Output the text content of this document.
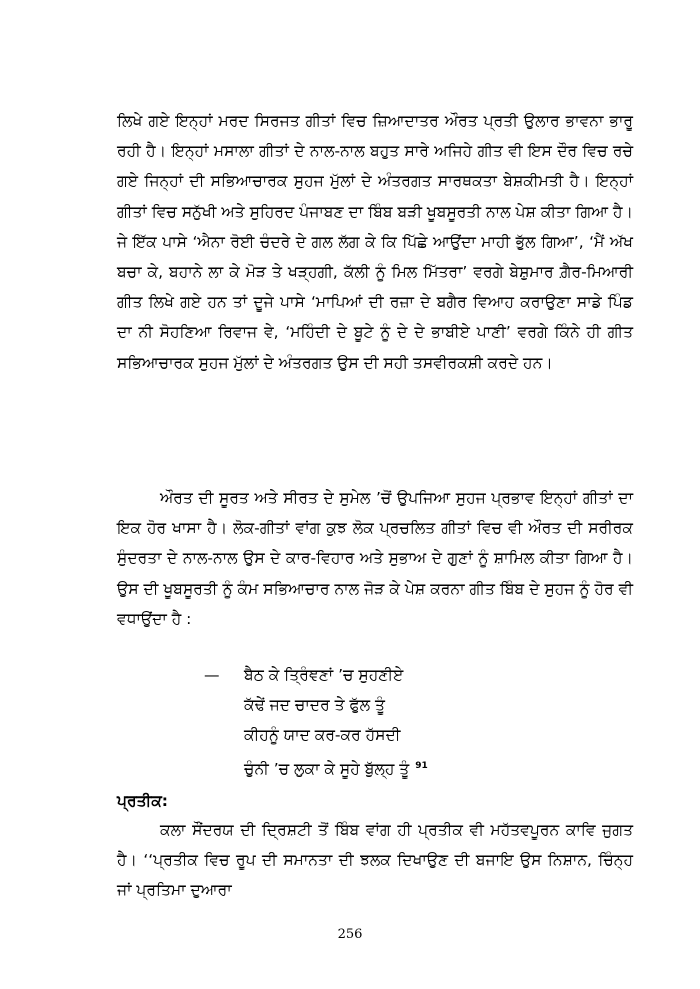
ਲਿਖੇ ਗਏ ਇਨ੍ਹਾਂ ਮਰਦ ਸਿਰਜਤ ਗੀਤਾਂ ਵਿਚ ਜ਼ਿਆਦਾਤਰ ਔਰਤ ਪ੍ਰਤੀ ਉਲਾਰ ਭਾਵਨਾ ਭਾਰੂ ਰਹੀ ਹੈ। ਇਨ੍ਹਾਂ ਮਸਾਲਾ ਗੀਤਾਂ ਦੇ ਨਾਲ-ਨਾਲ ਬਹੁਤ ਸਾਰੇ ਅਜਿਹੇ ਗੀਤ ਵੀ ਇਸ ਦੌਰ ਵਿਚ ਰਚੇ ਗਏ ਜਿਨ੍ਹਾਂ ਦੀ ਸਭਿਆਚਾਰਕ ਸੁਹਜ ਮੁੱਲਾਂ ਦੇ ਅੰਤਰਗਤ ਸਾਰਥਕਤਾ ਬੇਸ਼ਕੀਮਤੀ ਹੈ। ਇਨ੍ਹਾਂ ਗੀਤਾਂ ਵਿਚ ਸਨੁੱਖੀ ਅਤੇ ਸੁਹਿਰਦ ਪੰਜਾਬਣ ਦਾ ਬਿੰਬ ਬੜੀ ਖੂਬਸੂਰਤੀ ਨਾਲ ਪੇਸ਼ ਕੀਤਾ ਗਿਆ ਹੈ। ਜੇ ਇੱਕ ਪਾਸੇ ‘ਐਨਾ ਰੋਈ ਚੰਦਰੇ ਦੇ ਗਲ ਲੱਗ ਕੇ ਕਿ ਪਿੱਛੇ ਆਉਂਦਾ ਮਾਹੀ ਭੁੱਲ ਗਿਆ’, ‘ਮੈਂ ਅੱਖ ਬਚਾ ਕੇ, ਬਹਾਨੇ ਲਾ ਕੇ ਮੋੜ ਤੇ ਖੜ੍ਹਗੀ, ਕੱਲੀ ਨੂੰ ਮਿਲ ਮਿੱਤਰਾ’ ਵਰਗੇ ਬੇਸ਼ੁਮਾਰ ਗ਼ੈਰ-ਮਿਆਰੀ ਗੀਤ ਲਿਖੇ ਗਏ ਹਨ ਤਾਂ ਦੂਜੇ ਪਾਸੇ ‘ਮਾਪਿਆਂ ਦੀ ਰਜ਼ਾ ਦੇ ਬਗੈਰ ਵਿਆਹ ਕਰਾਉਣਾ ਸਾਡੇ ਪਿੰਡ ਦਾ ਨੀ ਸੋਹਣਿਆ ਰਿਵਾਜ ਵੇ, ‘ਮਹਿੰਦੀ ਦੇ ਬੂਟੇ ਨੂੰ ਦੇ ਦੇ ਭਾਬੀਏ ਪਾਣੀ’ ਵਰਗੇ ਕਿੰਨੇ ਹੀ ਗੀਤ ਸਭਿਆਚਾਰਕ ਸੁਹਜ ਮੁੱਲਾਂ ਦੇ ਅੰਤਰਗਤ ਉਸ ਦੀ ਸਹੀ ਤਸਵੀਰਕਸ਼ੀ ਕਰਦੇ ਹਨ।

ਔਰਤ ਦੀ ਸੂਰਤ ਅਤੇ ਸੀਰਤ ਦੇ ਸੁਮੇਲ ’ਚੋਂ ਉਪਜਿਆ ਸੁਹਜ ਪ੍ਰਭਾਵ ਇਨ੍ਹਾਂ ਗੀਤਾਂ ਦਾ ਇਕ ਹੋਰ ਖਾਸਾ ਹੈ। ਲੋਕ-ਗੀਤਾਂ ਵਾਂਗ ਕੁਝ ਲੋਕ ਪ੍ਰਚਲਿਤ ਗੀਤਾਂ ਵਿਚ ਵੀ ਔਰਤ ਦੀ ਸਰੀਰਕ ਸੁੰਦਰਤਾ ਦੇ ਨਾਲ-ਨਾਲ ਉਸ ਦੇ ਕਾਰ-ਵਿਹਾਰ ਅਤੇ ਸੁਭਾਅ ਦੇ ਗੁਣਾਂ ਨੂੰ ਸ਼ਾਮਿਲ ਕੀਤਾ ਗਿਆ ਹੈ। ਉਸ ਦੀ ਖੂਬਸੂਰਤੀ ਨੂੰ ਕੰਮ ਸਭਿਆਚਾਰ ਨਾਲ ਜੋੜ ਕੇ ਪੇਸ਼ ਕਰਨਾ ਗੀਤ ਬਿੰਬ ਦੇ ਸੁਹਜ ਨੂੰ ਹੋਰ ਵੀ ਵਧਾਉਂਦਾ ਹੈ :

—	ਬੈਠ ਕੇ ਤ੍ਰਿੰਞਣਾਂ ’ਚ ਸੁਹਣੀਏ
ਕੱਢੇਂ ਜਦ ਚਾਦਰ ਤੇ ਫੁੱਲ ਤੂੰ
ਕੀਹਨੂੰ ਯਾਦ ਕਰ-ਕਰ ਹੱਸਦੀ
ਚੁੰਨੀ ’ਚ ਲੁਕਾ ਕੇ ਸੂਹੇ ਬੁੱਲ੍ਹ ਤੂੰ $^{91}$
ਪ੍ਰਤੀਕ:

ਕਲਾ ਸੌਂਦਰਯ ਦੀ ਦ੍ਰਿਸ਼ਟੀ ਤੋਂ ਬਿੰਬ ਵਾਂਗ ਹੀ ਪ੍ਰਤੀਕ ਵੀ ਮਹੱਤਵਪੂਰਨ ਕਾਵਿ ਜੁਗਤ ਹੈ। ‘‘ਪ੍ਰਤੀਕ ਵਿਚ ਰੂਪ ਦੀ ਸਮਾਨਤਾ ਦੀ ਝਲਕ ਦਿਖਾਉਣ ਦੀ ਬਜਾਇ ਉਸ ਨਿਸ਼ਾਨ, ਚਿੰਨ੍ਹ ਜਾਂ ਪ੍ਰਤਿਮਾ ਦੁਆਰਾ

256
